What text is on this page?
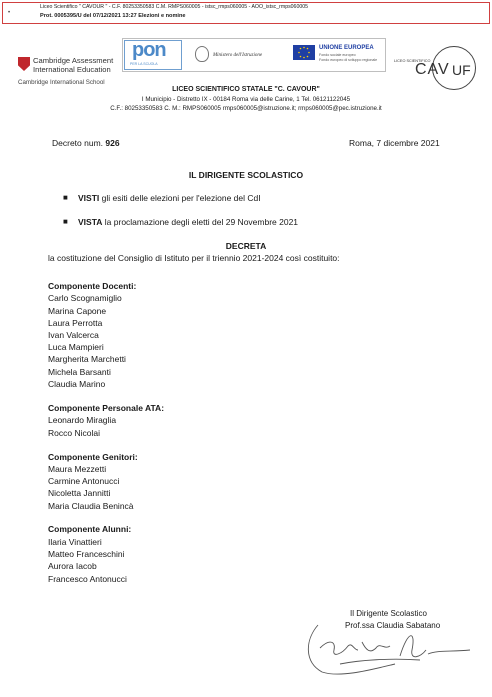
•
Liceo Scientifico " CAVOUR " - C.F. 80253350583 C.M. RMPS060005 - istsc_rmps060005 - AOO_istsc_rmps060005
Prot. 0005395/U del 07/12/2021 13:27 Elezioni e nomine
Cambridge Assessment
International Education
Cambridge International School
pon
PER LA SCUOLA
Ministero dell'Istruzione
UNIONE EUROPEA
Fondo sociale europeo
Fondo europeo di sviluppo regionale	LICEO SCIENTIFICO
CAV UF
LICEO SCIENTIFICO STATALE "C. CAVOUR"
I Municipio - Distretto IX - 00184 Roma via delle Carine, 1 Tel. 06121122045
C.F.: 80253350583 C. M.: RMPS060005 rmps060005@istruzione.it; rmps060005@pec.istruzione.it
Decreto num. 926	Roma, 7 dicembre 2021
IL DIRIGENTE SCOLASTICO
■ VISTI gli esiti delle elezioni per l'elezione del CdI
■ VISTA la proclamazione degli eletti del 29 Novembre 2021
DECRETA
la costituzione del Consiglio di Istituto per il triennio 2021-2024 così costituito:
Componente Docenti:
Carlo Scognamiglio
Marina Capone
Laura Perrotta
Ivan Valcerca
Luca Mampieri
Margherita Marchetti
Michela Barsanti
Claudia Marino
Componente Personale ATA:
Leonardo Miraglia
Rocco Nicolai
Componente Genitori:
Maura Mezzetti
Carmine Antonucci
Nicoletta Jannitti
Maria Claudia Benincà
Componente Alunni:
Ilaria Vinattieri
Matteo Franceschini
Aurora Iacob
Francesco Antonucci
Il Dirigente Scolastico
Prof.ssa Claudia Sabatano
